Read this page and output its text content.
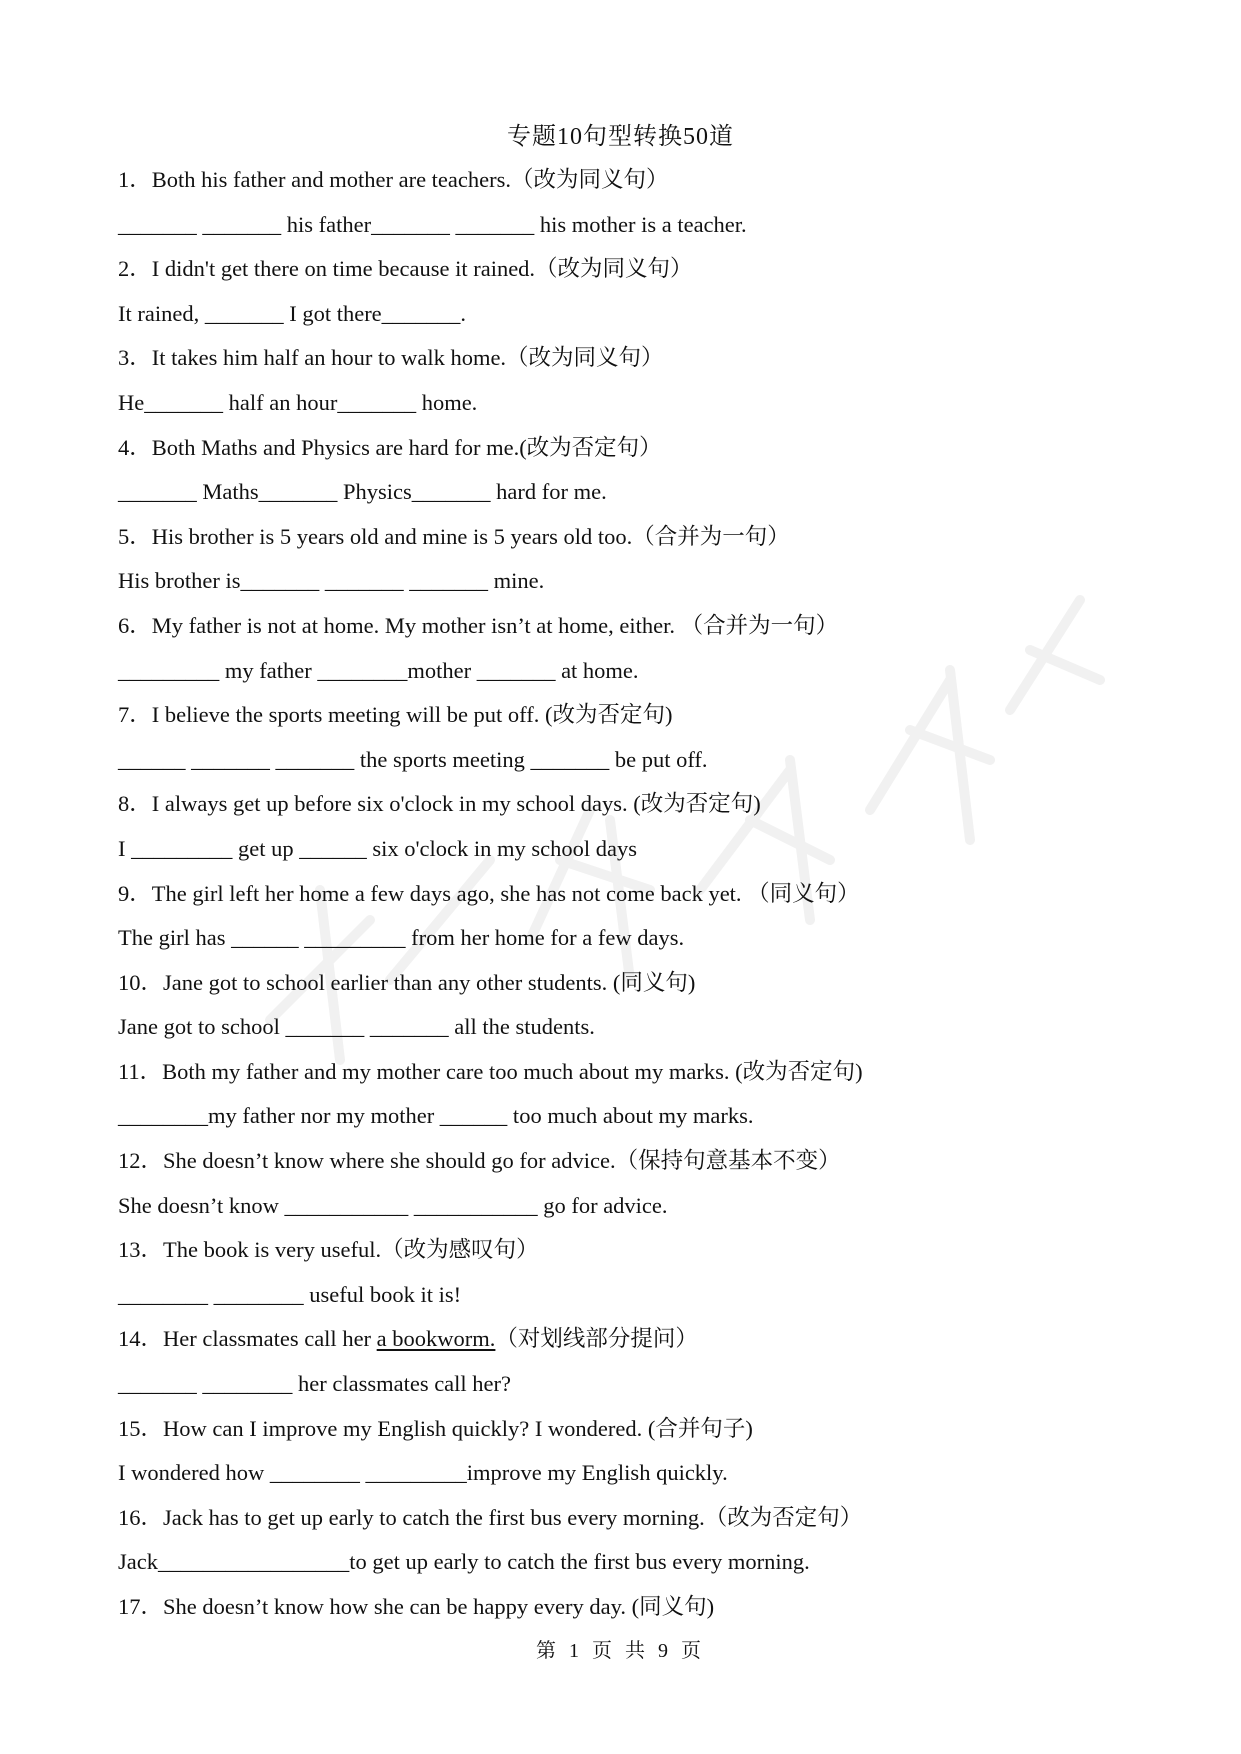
专题10句型转换50道
1．Both his father and mother are teachers.（改为同义句）
_______ _______ his father_______ _______ his mother is a teacher.
2．I didn't get there on time because it rained.（改为同义句）
It rained, _______ I got there_______.
3．It takes him half an hour to walk home.（改为同义句）
He_______ half an hour_______ home.
4．Both Maths and Physics are hard for me.(改为否定句）
_______ Maths_______ Physics_______ hard for me.
5．His brother is 5 years old and mine is 5 years old too.（合并为一句）
His brother is_______ _______ _______ mine.
6．My father is not at home. My mother isn’t at home, either. （合并为一句）
_________ my father ________mother _______ at home.
7．I believe the sports meeting will be put off. (改为否定句)
______ _______ _______ the sports meeting _______ be put off.
8．I always get up before six o'clock in my school days. (改为否定句)
I _________ get up ______ six o'clock in my school days
9．The girl left her home a few days ago, she has not come back yet. （同义句）
The girl has ______ _________ from her home for a few days.
10．Jane got to school earlier than any other students. (同义句)
Jane got to school _______ _______ all the students.
11．Both my father and my mother care too much about my marks. (改为否定句)
________my father nor my mother ______ too much about my marks.
12．She doesn’t know where she should go for advice.（保持句意基本不变）
She doesn’t know ___________ ___________ go for advice.
13．The book is very useful.（改为感叹句）
________ ________ useful book it is!
14．Her classmates call her a bookworm.（对划线部分提问）
_______ ________ her classmates call her?
15．How can I improve my English quickly? I wondered. (合并句子)
I wondered how ________ _________improve my English quickly.
16．Jack has to get up early to catch the first bus every morning.（改为否定句）
Jack_________________to get up early to catch the first bus every morning.
17．She doesn’t know how she can be happy every day. (同义句)
第 1 页 共 9 页
